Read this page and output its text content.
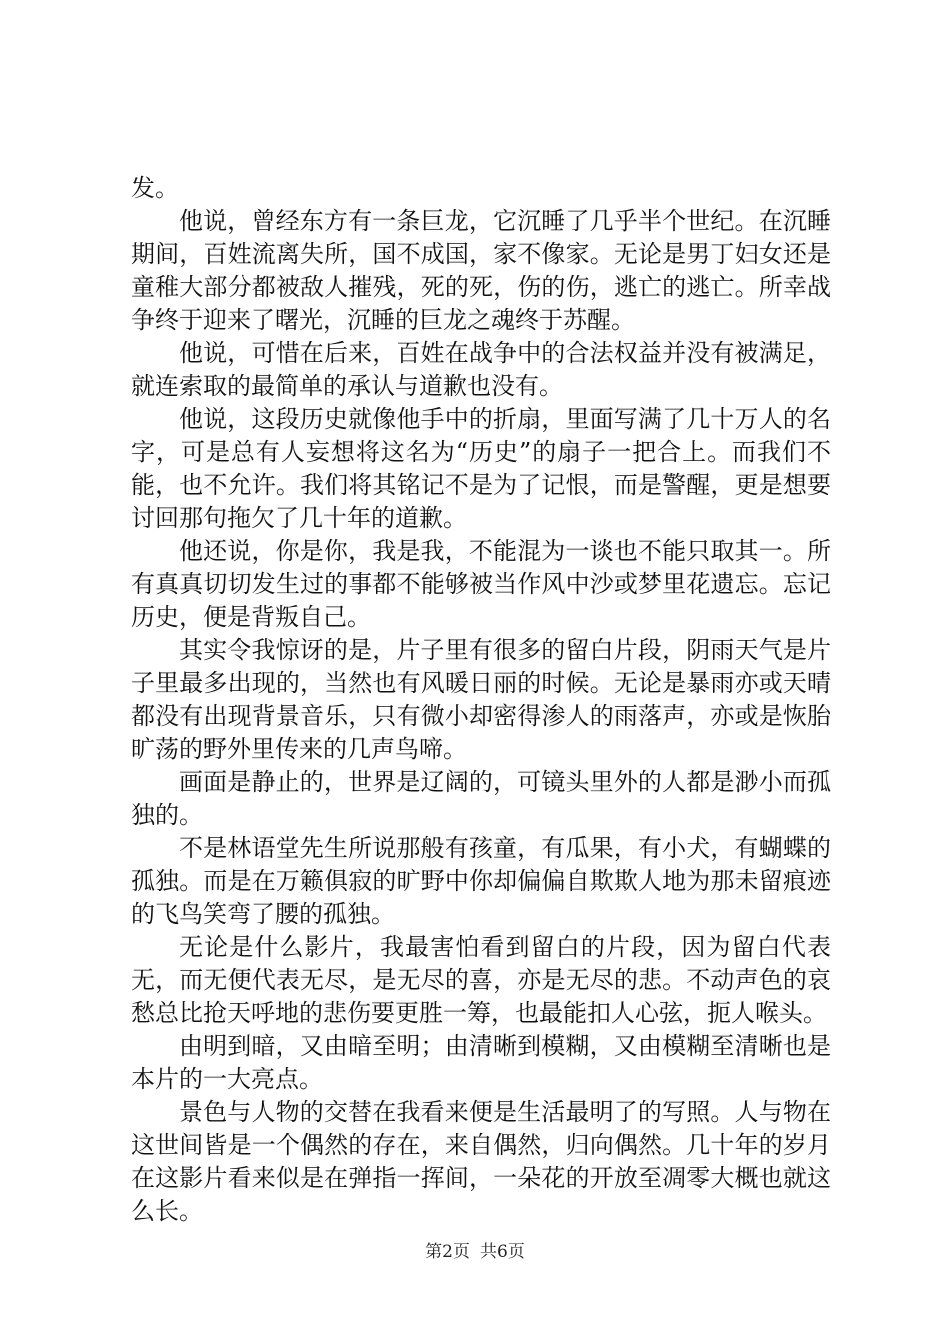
发。

他说，曾经东方有一条巨龙，它沉睡了几乎半个世纪。在沉睡期间，百姓流离失所，国不成国，家不像家。无论是男丁妇女还是童稚大部分都被敌人摧残，死的死，伤的伤，逃亡的逃亡。所幸战争终于迎来了曙光，沉睡的巨龙之魂终于苏醒。

他说，可惜在后来，百姓在战争中的合法权益并没有被满足，就连索取的最简单的承认与道歉也没有。

他说，这段历史就像他手中的折扇，里面写满了几十万人的名字，可是总有人妄想将这名为“历史”的扇子一把合上。而我们不能，也不允许。我们将其铭记不是为了记恨，而是警醒，更是想要讨回那句拖欠了几十年的道歉。

他还说，你是你，我是我，不能混为一谈也不能只取其一。所有真真切切发生过的事都不能够被当作风中沙或梦里花遗忘。忘记历史，便是背叛自己。

其实令我惊讶的是，片子里有很多的留白片段，阴雨天气是片子里最多出现的，当然也有风暖日丽的时候。无论是暴雨亦或天晴都没有出现背景音乐，只有微小却密得渗人的雨落声，亦或是恢胎旷荡的野外里传来的几声鸟啼。

画面是静止的，世界是辽阔的，可镜头里外的人都是渺小而孤独的。

不是林语堂先生所说那般有孩童，有瓜果，有小犬，有蝴蝶的孤独。而是在万籁俱寂的旷野中你却偏偏自欺欺人地为那未留痕迹的飞鸟笑弯了腰的孤独。

无论是什么影片，我最害怕看到留白的片段，因为留白代表无，而无便代表无尽，是无尽的喜，亦是无尽的悲。不动声色的哀愁总比抢天呼地的悲伤要更胜一筹，也最能扣人心弦，扼人喉头。

由明到暗，又由暗至明；由清晰到模糊，又由模糊至清晰也是本片的一大亮点。

景色与人物的交替在我看来便是生活最明了的写照。人与物在这世间皆是一个偶然的存在，来自偶然，归向偶然。几十年的岁月在这影片看来似是在弹指一挥间，一朵花的开放至凋零大概也就这么长。

第2页 共6页
